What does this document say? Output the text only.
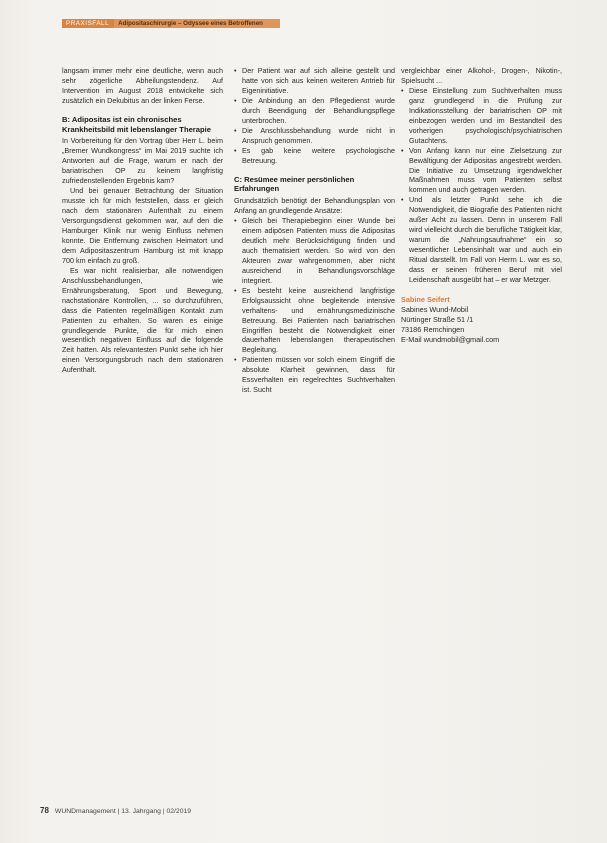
PRAXISFALL	Adipositaschirurgie – Odyssee eines Betroffenen

langsam immer mehr eine deutliche, wenn auch sehr zögerliche Abheilungstendenz. Auf Intervention im August 2018 entwickelte sich zusätzlich ein Dekubitus an der linken Ferse.

B: Adipositas ist ein chronisches Krankheitsbild mit lebenslanger Therapie

In Vorbereitung für den Vortrag über Herr L. beim „Bremer Wundkongress“ im Mai 2019 suchte ich Antworten auf die Frage, warum er nach der bariatrischen OP zu keinem langfristig zufriedenstellenden Ergebnis kam?

Und bei genauer Betrachtung der Situation musste ich für mich feststellen, dass er gleich nach dem stationären Aufenthalt zu einem Versorgungsdienst gekommen war, auf den die Hamburger Klinik nur wenig Einfluss nehmen konnte. Die Entfernung zwischen Heimatort und dem Adipositaszentrum Hamburg ist mit knapp 700 km einfach zu groß.

Es war nicht realisierbar, alle notwendigen Anschlussbehandlungen, wie Ernährungsberatung, Sport und Bewegung, nachstationäre Kontrollen, ... so durchzuführen, dass die Patienten regelmäßigen Kontakt zum Patienten zu erhalten. So waren es einige grundlegende Punkte, die für mich einen wesentlich negativen Einfluss auf die folgende Zeit hatten. Als relevantesten Punkt sehe ich hier einen Versorgungsbruch nach dem stationären Aufenthalt.

• Der Patient war auf sich alleine gestellt und hatte von sich aus keinen weiteren Antrieb für Eigeninitiative.
• Die Anbindung an den Pflegedienst wurde durch Beendigung der Behandlungspflege unterbrochen.
• Die Anschlussbehandlung wurde nicht in Anspruch genommen.
• Es gab keine weitere psychologische Betreuung.
C: Resümee meiner persönlichen Erfahrungen

Grundsätzlich benötigt der Behandlungsplan von Anfang an grundlegende Ansätze:

• Gleich bei Therapiebeginn einer Wunde bei einem adipösen Patienten muss die Adipositas deutlich mehr Berücksichtigung finden und auch thematisiert werden. So wird von den Akteuren zwar wahrgenommen, aber nicht ausreichend in Behandlungsvorschläge integriert.
• Es besteht keine ausreichend langfristige Erfolgsaussicht ohne begleitende intensive verhaltens- und ernährungsmedizinische Betreuung. Bei Patienten nach bariatrischen Eingriffen besteht die Notwendigkeit einer dauerhaften lebenslangen therapeutischen Begleitung.
• Patienten müssen vor solch einem Eingriff die absolute Klarheit gewinnen, dass für Essverhalten ein regelrechtes Suchtverhalten ist. Sucht

vergleichbar einer Alkohol-, Drogen-, Nikotin-, Spielsucht ...

• Diese Einstellung zum Suchtverhalten muss ganz grundlegend in die Prüfung zur Indikationsstellung der bariatrischen OP mit einbezogen werden und im Bestandteil des vorherigen psychologisch/psychiatrischen Gutachtens.
• Von Anfang kann nur eine Zielsetzung zur Bewältigung der Adipositas angestrebt werden. Die Initiative zu Umsetzung irgendwelcher Maßnahmen muss vom Patienten selbst kommen und auch getragen werden.
• Und als letzter Punkt sehe ich die Notwendigkeit, die Biografie des Patienten nicht außer Acht zu lassen. Denn in unserem Fall wird vielleicht durch die berufliche Tätigkeit klar, warum die „Nahrungsaufnahme“ ein so wesentlicher Lebensinhalt war und auch ein Ritual darstellt. Im Fall von Herrn L. war es so, dass er seinen früheren Beruf mit viel Leidenschaft ausgeübt hat – er war Metzger.
Sabine Seifert
Sabines Wund-Mobil
Nürtinger Straße 51 /1
73186 Remchingen
E-Mail wundmobil@gmail.com
78 WUNDmanagement | 13. Jahrgang | 02/2019
